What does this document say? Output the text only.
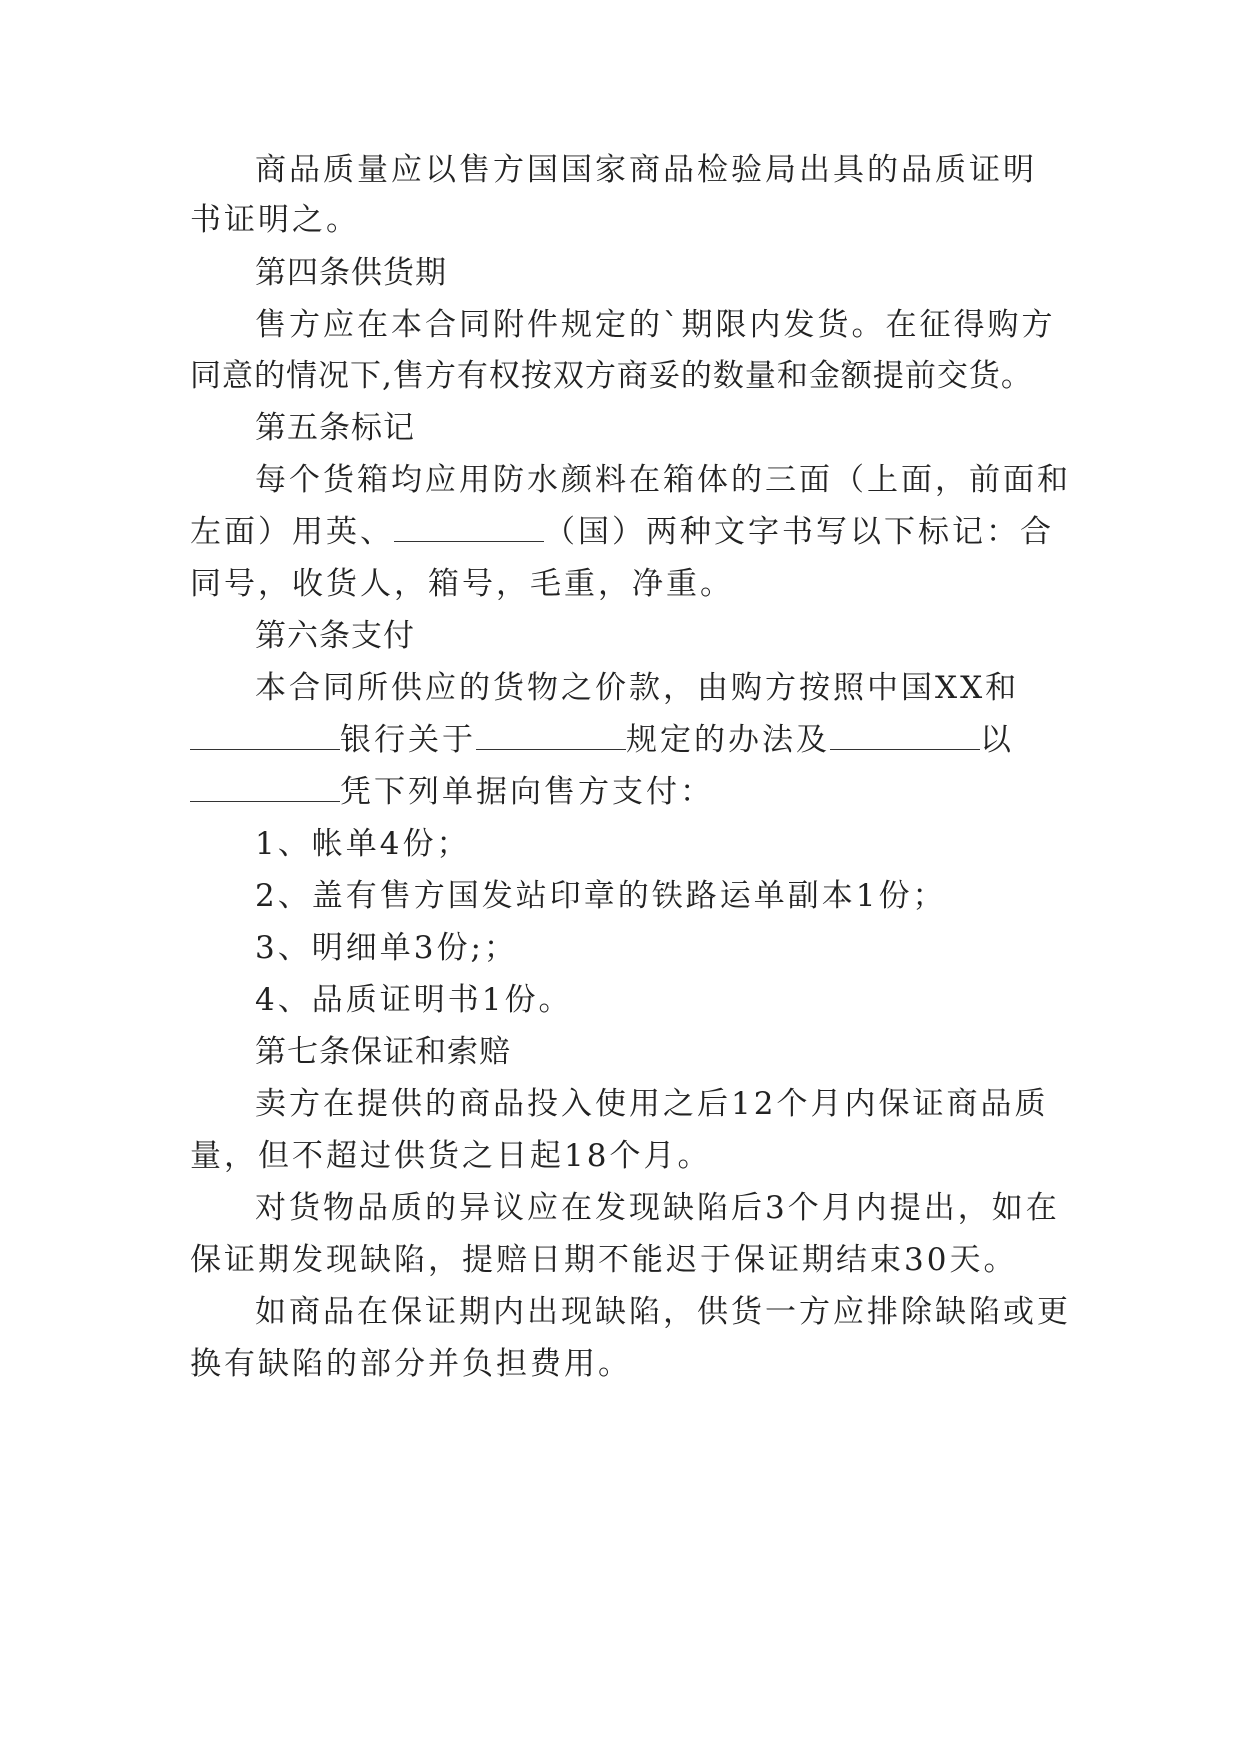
商品质量应以售方国国家商品检验局出具的品质证明
书证明之。
第四条供货期
售方应在本合同附件规定的`期限内发货。在征得购方
同意的情况下,售方有权按双方商妥的数量和金额提前交货。
第五条标记
每个货箱均应用防水颜料在箱体的三面（上面，前面和
左面）用英、	（国）两种文字书写以下标记：合
同号，收货人，箱号，毛重，净重。
第六条支付
本合同所供应的货物之价款，由购方按照中国XX和
银行关于	规定的办法及	以
凭下列单据向售方支付：
1、帐单4份；
2、盖有售方国发站印章的铁路运单副本1份；
3、明细单3份;；
4、品质证明书1份。
第七条保证和索赔
卖方在提供的商品投入使用之后12个月内保证商品质
量，但不超过供货之日起18个月。
对货物品质的异议应在发现缺陷后3个月内提出，如在
保证期发现缺陷，提赔日期不能迟于保证期结束30天。
如商品在保证期内出现缺陷，供货一方应排除缺陷或更
换有缺陷的部分并负担费用。
